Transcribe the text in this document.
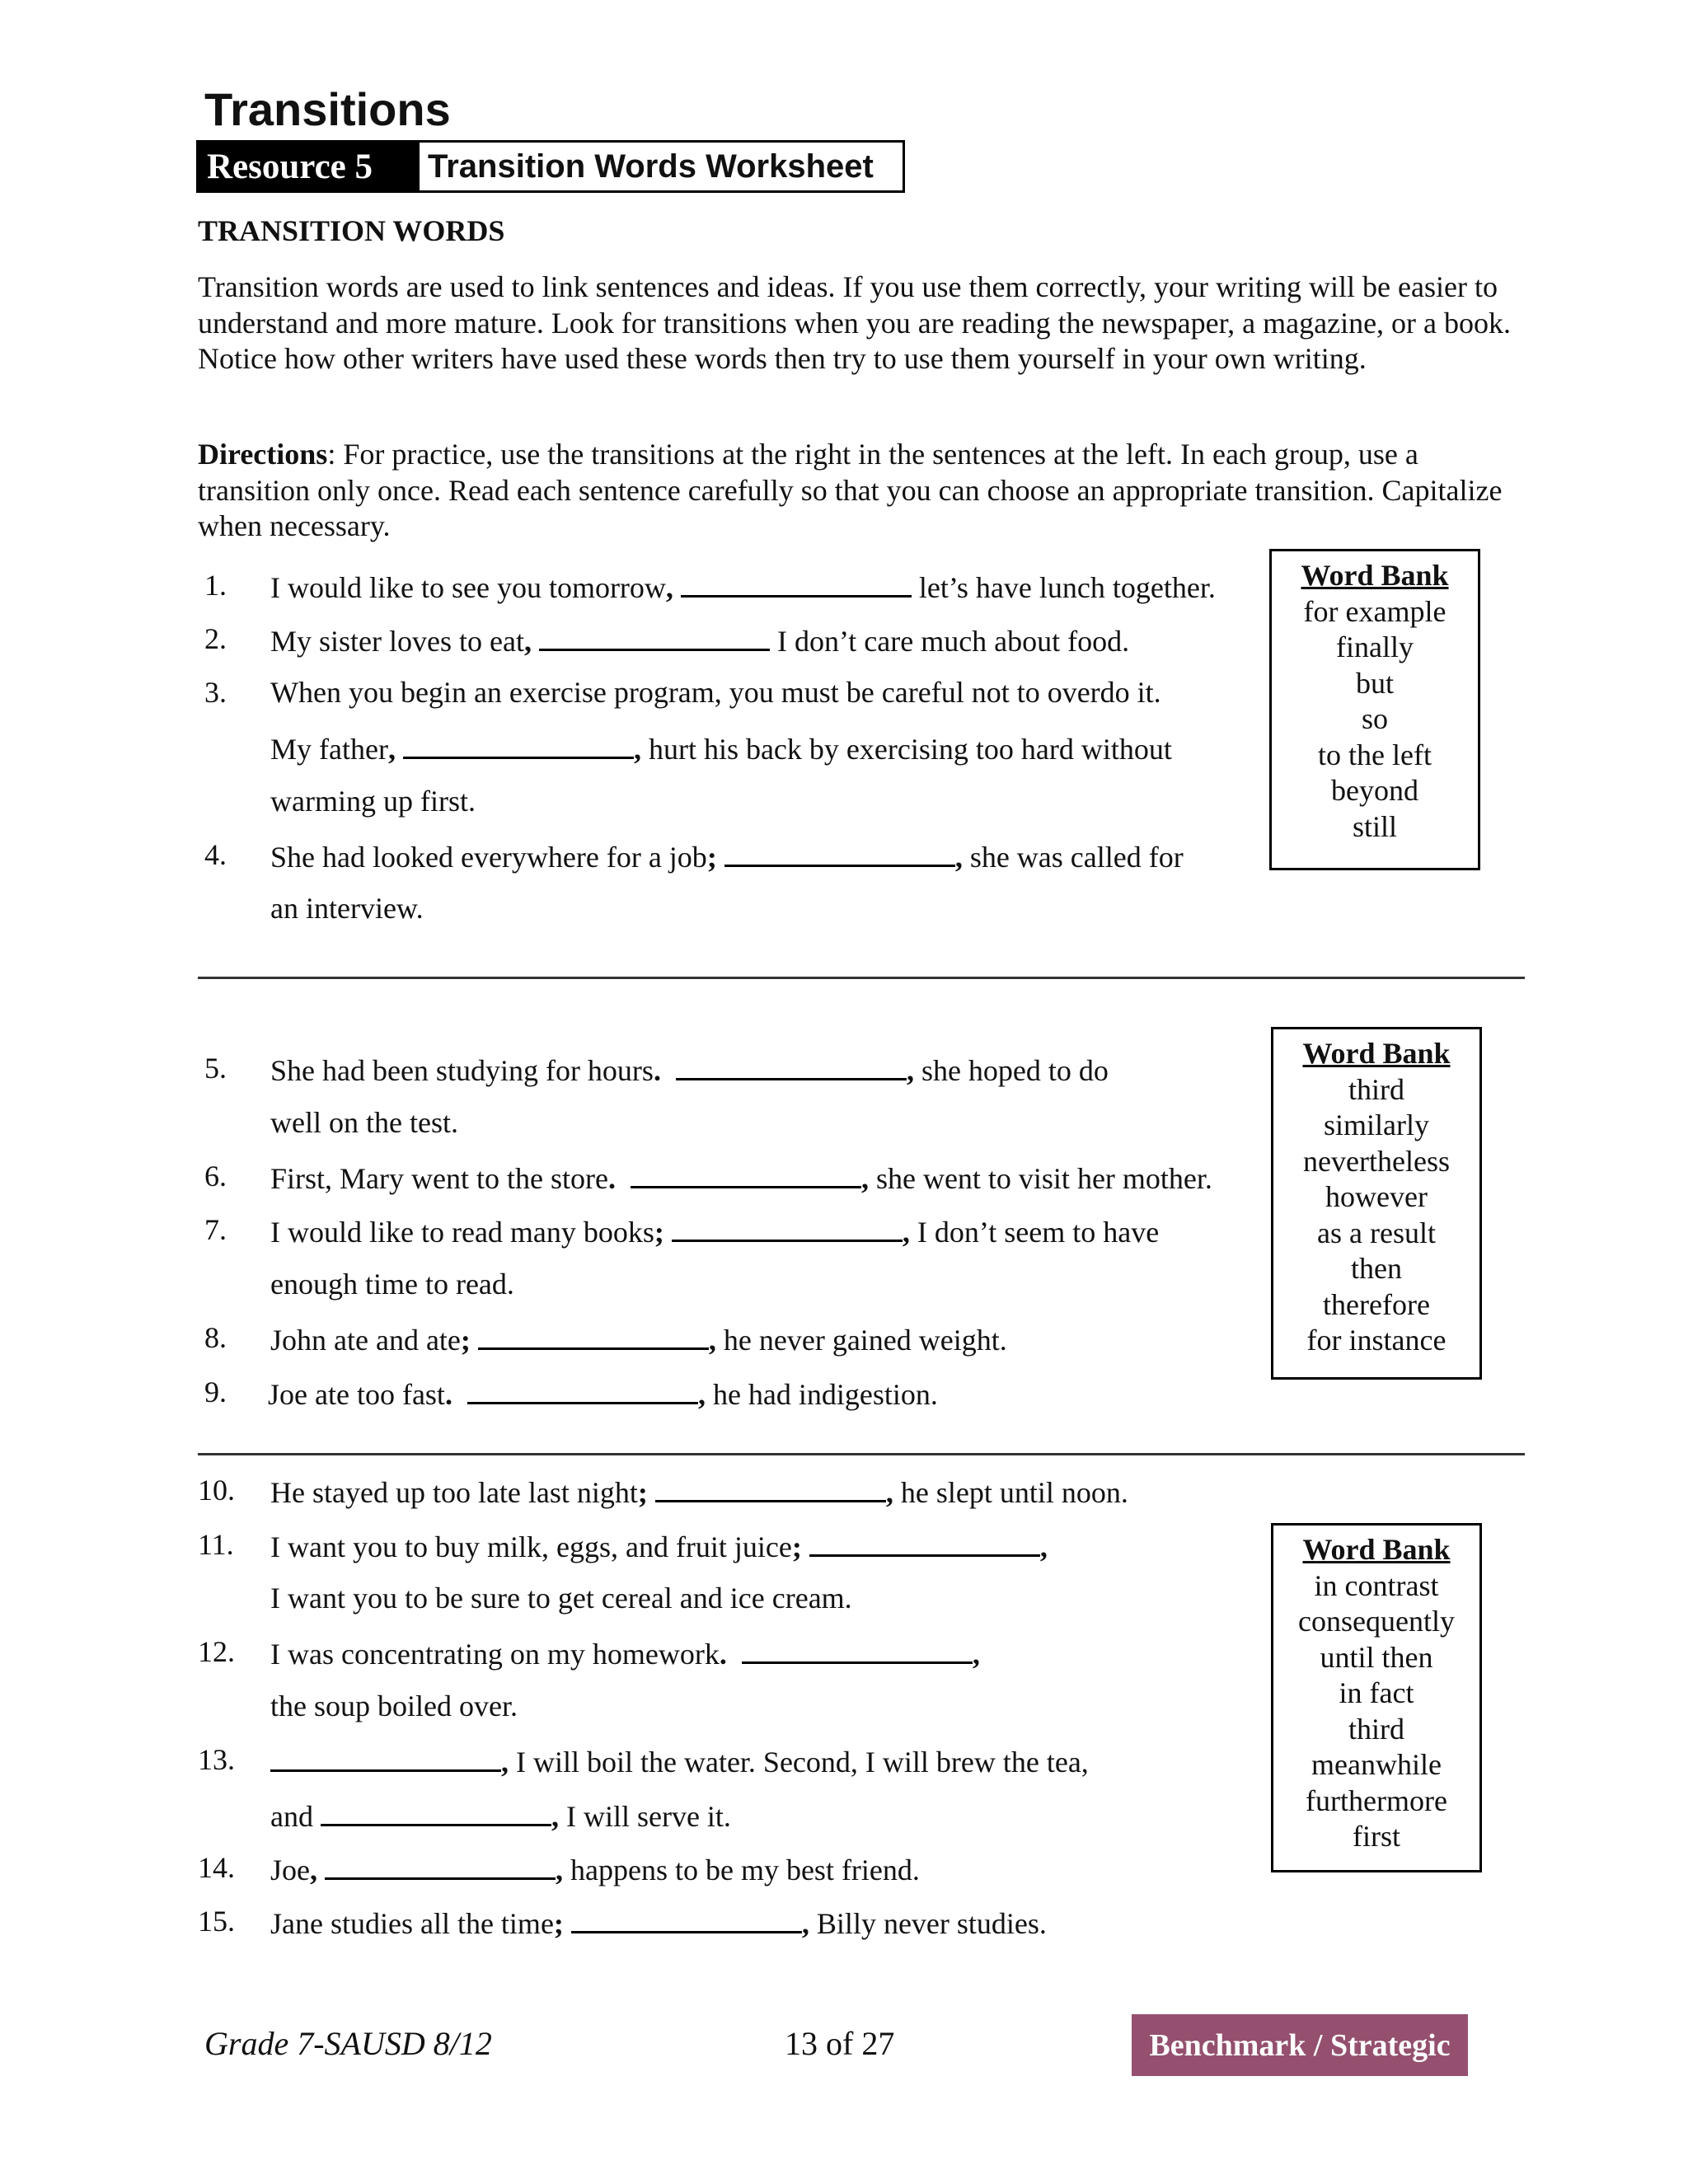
Transitions
Resource 5	Transition Words Worksheet
TRANSITION WORDS
Transition words are used to link sentences and ideas. If you use them correctly, your writing will be easier to understand and more mature. Look for transitions when you are reading the newspaper, a magazine, or a book. Notice how other writers have used these words then try to use them yourself in your own writing.
Directions: For practice, use the transitions at the right in the sentences at the left. In each group, use a transition only once. Read each sentence carefully so that you can choose an appropriate transition. Capitalize when necessary.
1.	I would like to see you tomorrow,	let’s have lunch together.
2.	My sister loves to eat,	I don’t care much about food.
3.	When you begin an exercise program, you must be careful not to overdo it.
My father,	, hurt his back by exercising too hard without
warming up first.
4.	She had looked everywhere for a job;	, she was called for
an interview.
Word Bank
for example
finally
but
so
to the left
beyond
still
5.	She had been studying for hours.	, she hoped to do
well on the test.
6.	First, Mary went to the store.	, she went to visit her mother.
7.	I would like to read many books;	, I don’t seem to have
enough time to read.
8.	John ate and ate;	, he never gained weight.
9.	Joe ate too fast.	, he had indigestion.
Word Bank
third
similarly
nevertheless
however
as a result
then
therefore
for instance
10.	He stayed up too late last night;	, he slept until noon.
11.	I want you to buy milk, eggs, and fruit juice;	,
I want you to be sure to get cereal and ice cream.
12.	I was concentrating on my homework.	,
the soup boiled over.
13.	, I will boil the water. Second, I will brew the tea,
and	, I will serve it.
14.	Joe,	, happens to be my best friend.
15.	Jane studies all the time;	, Billy never studies.
Word Bank
in contrast
consequently
until then
in fact
third
meanwhile
furthermore
first
Grade 7-SAUSD 8/12	13 of 27	Benchmark / Strategic
